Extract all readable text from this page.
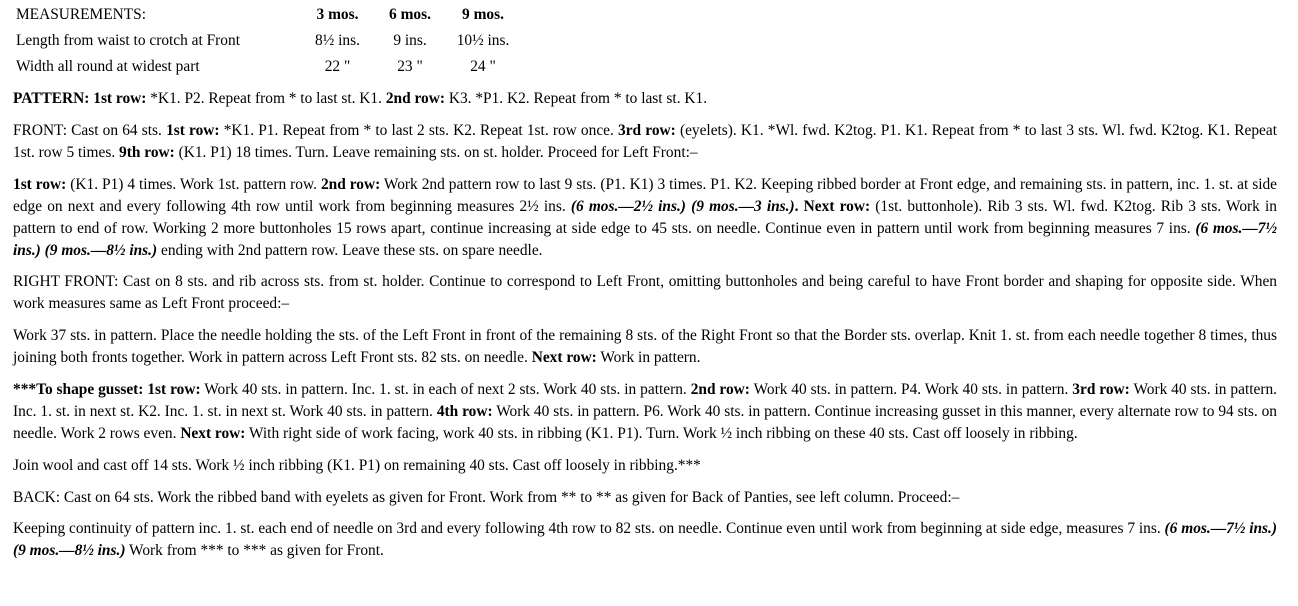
MEASUREMENTS:	3 mos.	6 mos.	9 mos.
Length from waist to crotch at Front	8½ ins.	9 ins.	10½ ins.
Width all round at widest part	22 "	23 "	24 "

PATTERN: 1st row: *K1. P2. Repeat from * to last st. K1. 2nd row: K3. *P1. K2. Repeat from * to last st. K1.

FRONT: Cast on 64 sts. 1st row: *K1. P1. Repeat from * to last 2 sts. K2. Repeat 1st. row once. 3rd row: (eyelets). K1. *Wl. fwd. K2tog. P1. K1. Repeat from * to last 3 sts. Wl. fwd. K2tog. K1. Repeat 1st. row 5 times. 9th row: (K1. P1) 18 times. Turn. Leave remaining sts. on st. holder. Proceed for Left Front:–

1st row: (K1. P1) 4 times. Work 1st. pattern row. 2nd row: Work 2nd pattern row to last 9 sts. (P1. K1) 3 times. P1. K2. Keeping ribbed border at Front edge, and remaining sts. in pattern, inc. 1. st. at side edge on next and every following 4th row until work from beginning measures 2½ ins. (6 mos.—2½ ins.) (9 mos.—3 ins.). Next row: (1st. buttonhole). Rib 3 sts. Wl. fwd. K2tog. Rib 3 sts. Work in pattern to end of row. Working 2 more buttonholes 15 rows apart, continue increasing at side edge to 45 sts. on needle. Continue even in pattern until work from beginning measures 7 ins. (6 mos.—7½ ins.) (9 mos.—8½ ins.) ending with 2nd pattern row. Leave these sts. on spare needle.

RIGHT FRONT: Cast on 8 sts. and rib across sts. from st. holder. Continue to correspond to Left Front, omitting buttonholes and being careful to have Front border and shaping for opposite side. When work measures same as Left Front proceed:–

Work 37 sts. in pattern. Place the needle holding the sts. of the Left Front in front of the remaining 8 sts. of the Right Front so that the Border sts. overlap. Knit 1. st. from each needle together 8 times, thus joining both fronts together. Work in pattern across Left Front sts. 82 sts. on needle. Next row: Work in pattern.

***To shape gusset: 1st row: Work 40 sts. in pattern. Inc. 1. st. in each of next 2 sts. Work 40 sts. in pattern. 2nd row: Work 40 sts. in pattern. P4. Work 40 sts. in pattern. 3rd row: Work 40 sts. in pattern. Inc. 1. st. in next st. K2. Inc. 1. st. in next st. Work 40 sts. in pattern. 4th row: Work 40 sts. in pattern. P6. Work 40 sts. in pattern. Continue increasing gusset in this manner, every alternate row to 94 sts. on needle. Work 2 rows even. Next row: With right side of work facing, work 40 sts. in ribbing (K1. P1). Turn. Work ½ inch ribbing on these 40 sts. Cast off loosely in ribbing.

Join wool and cast off 14 sts. Work ½ inch ribbing (K1. P1) on remaining 40 sts. Cast off loosely in ribbing.***

BACK: Cast on 64 sts. Work the ribbed band with eyelets as given for Front. Work from ** to ** as given for Back of Panties, see left column. Proceed:–

Keeping continuity of pattern inc. 1. st. each end of needle on 3rd and every following 4th row to 82 sts. on needle. Continue even until work from beginning at side edge, measures 7 ins. (6 mos.—7½ ins.) (9 mos.—8½ ins.) Work from *** to *** as given for Front.
